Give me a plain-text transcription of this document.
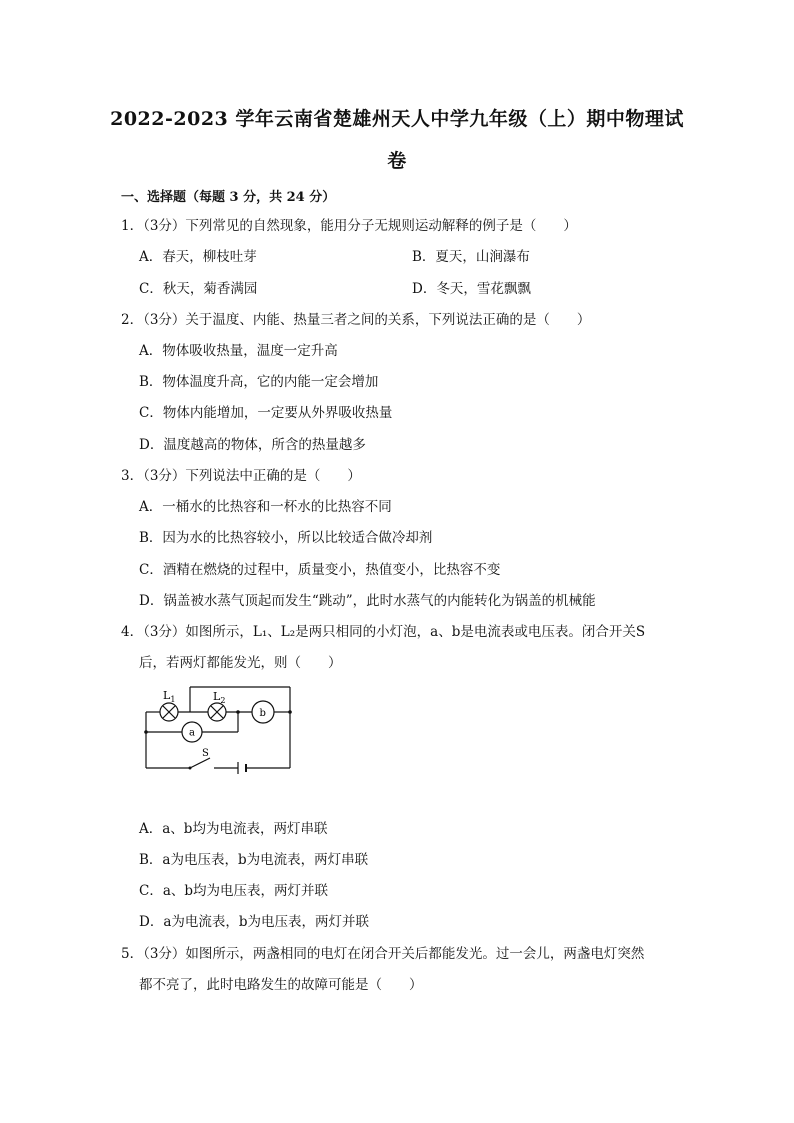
2022-2023 学年云南省楚雄州天人中学九年级（上）期中物理试
卷
一、选择题（每题 3 分，共 24 分）
1．（3分）下列常见的自然现象，能用分子无规则运动解释的例子是（　　）
A．春天，柳枝吐芽	B．夏天，山涧瀑布
C．秋天，菊香满园	D．冬天，雪花飘飘
2．（3分）关于温度、内能、热量三者之间的关系，下列说法正确的是（　　）
A．物体吸收热量，温度一定升高
B．物体温度升高，它的内能一定会增加
C．物体内能增加，一定要从外界吸收热量
D．温度越高的物体，所含的热量越多
3．（3分）下列说法中正确的是（　　）
A．一桶水的比热容和一杯水的比热容不同
B．因为水的比热容较小，所以比较适合做冷却剂
C．酒精在燃烧的过程中，质量变小，热值变小，比热容不变
D．锅盖被水蒸气顶起而发生“跳动”，此时水蒸气的内能转化为锅盖的机械能
4．（3分）如图所示，L₁、L₂是两只相同的小灯泡，a、b是电流表或电压表。闭合开关S
后，若两灯都能发光，则（　　）
$L_1$	$L_2$
b
a
S
A．a、b均为电流表，两灯串联
B．a为电压表，b为电流表，两灯串联
C．a、b均为电压表，两灯并联
D．a为电流表，b为电压表，两灯并联
5．（3分）如图所示，两盏相同的电灯在闭合开关后都能发光。过一会儿，两盏电灯突然
都不亮了，此时电路发生的故障可能是（　　）
